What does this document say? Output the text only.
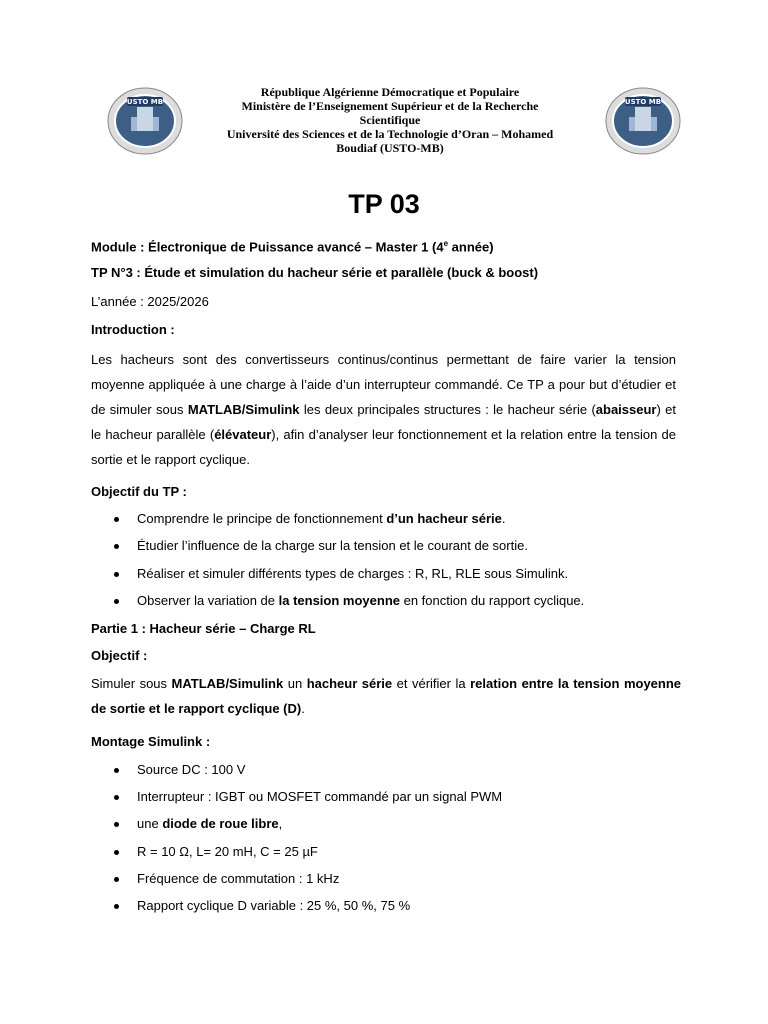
USTO MB	USTO MB
République Algérienne Démocratique et Populaire
Ministère de l’Enseignement Supérieur et de la Recherche
Scientifique
Université des Sciences et de la Technologie d’Oran – Mohamed
Boudiaf (USTO-MB)
TP 03
Module : Électronique de Puissance avancé – Master 1 (4e année)
TP N°3 : Étude et simulation du hacheur série et parallèle (buck & boost)
L’année : 2025/2026
Introduction :
Les hacheurs sont des convertisseurs continus/continus permettant de faire varier la tension moyenne appliquée à une charge à l’aide d’un interrupteur commandé. Ce TP a pour but d’étudier et de simuler sous MATLAB/Simulink les deux principales structures : le hacheur série (abaisseur) et le hacheur parallèle (élévateur), afin d’analyser leur fonctionnement et la relation entre la tension de sortie et le rapport cyclique.
Objectif du TP :
Comprendre le principe de fonctionnement d’un hacheur série.
Étudier l’influence de la charge sur la tension et le courant de sortie.
Réaliser et simuler différents types de charges : R, RL, RLE sous Simulink.
Observer la variation de la tension moyenne en fonction du rapport cyclique.
Partie 1 : Hacheur série – Charge RL
Objectif :
Simuler sous MATLAB/Simulink un hacheur série et vérifier la relation entre la tension moyenne de sortie et le rapport cyclique (D).
Montage Simulink :
Source DC : 100 V
Interrupteur : IGBT ou MOSFET commandé par un signal PWM
une diode de roue libre,
R = 10 Ω, L= 20 mH, C = 25 µF
Fréquence de commutation : 1 kHz
Rapport cyclique D variable : 25 %, 50 %, 75 %
